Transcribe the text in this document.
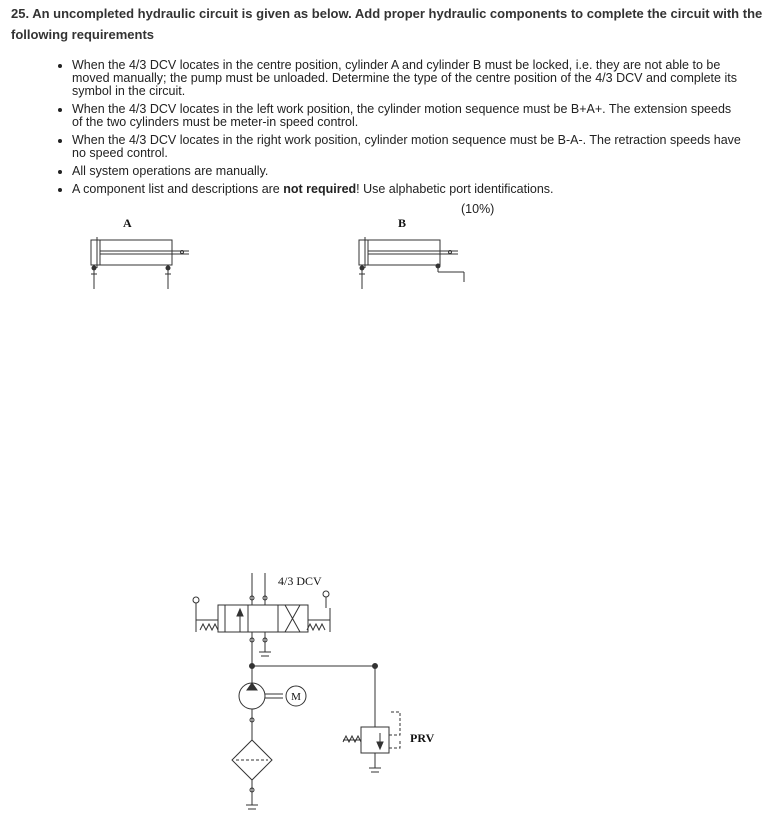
25. An uncompleted hydraulic circuit is given as below. Add proper hydraulic components to complete the circuit with the following requirements
When the 4/3 DCV locates in the centre position, cylinder A and cylinder B must be locked, i.e. they are not able to be moved manually; the pump must be unloaded. Determine the type of the centre position of the 4/3 DCV and complete its symbol in the circuit.
When the 4/3 DCV locates in the left work position, the cylinder motion sequence must be B+A+. The extension speeds of the two cylinders must be meter-in speed control.
When the 4/3 DCV locates in the right work position, cylinder motion sequence must be B-A-. The retraction speeds have no speed control.
All system operations are manually.
A component list and descriptions are not required! Use alphabetic port identifications.
(10%)
A	B
4/3 DCV
PRV
M
